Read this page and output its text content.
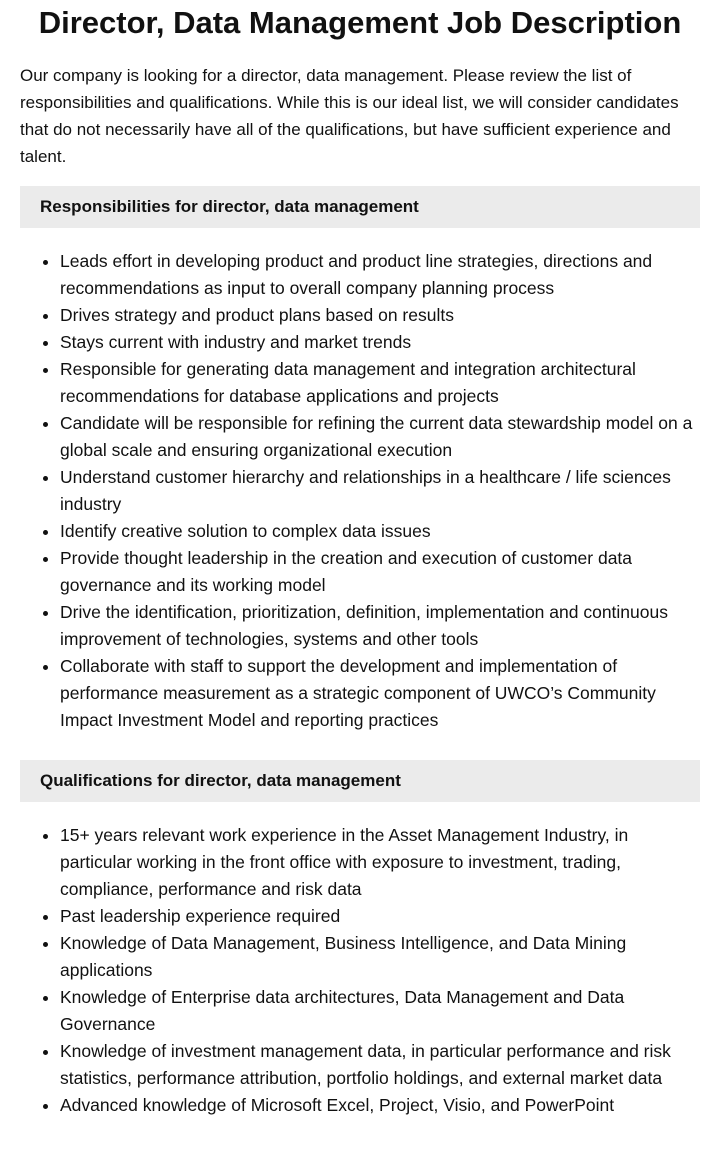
Director, Data Management Job Description

Our company is looking for a director, data management. Please review the list of responsibilities and qualifications. While this is our ideal list, we will consider candidates that do not necessarily have all of the qualifications, but have sufficient experience and talent.

Responsibilities for director, data management
• Leads effort in developing product and product line strategies, directions and recommendations as input to overall company planning process
• Drives strategy and product plans based on results
• Stays current with industry and market trends
• Responsible for generating data management and integration architectural recommendations for database applications and projects
• Candidate will be responsible for refining the current data stewardship model on a global scale and ensuring organizational execution
• Understand customer hierarchy and relationships in a healthcare / life sciences industry
• Identify creative solution to complex data issues
• Provide thought leadership in the creation and execution of customer data governance and its working model
• Drive the identification, prioritization, definition, implementation and continuous improvement of technologies, systems and other tools
• Collaborate with staff to support the development and implementation of performance measurement as a strategic component of UWCO’s Community Impact Investment Model and reporting practices
Qualifications for director, data management
• 15+ years relevant work experience in the Asset Management Industry, in particular working in the front office with exposure to investment, trading, compliance, performance and risk data
• Past leadership experience required
• Knowledge of Data Management, Business Intelligence, and Data Mining applications
• Knowledge of Enterprise data architectures, Data Management and Data Governance
• Knowledge of investment management data, in particular performance and risk statistics, performance attribution, portfolio holdings, and external market data
• Advanced knowledge of Microsoft Excel, Project, Visio, and PowerPoint
